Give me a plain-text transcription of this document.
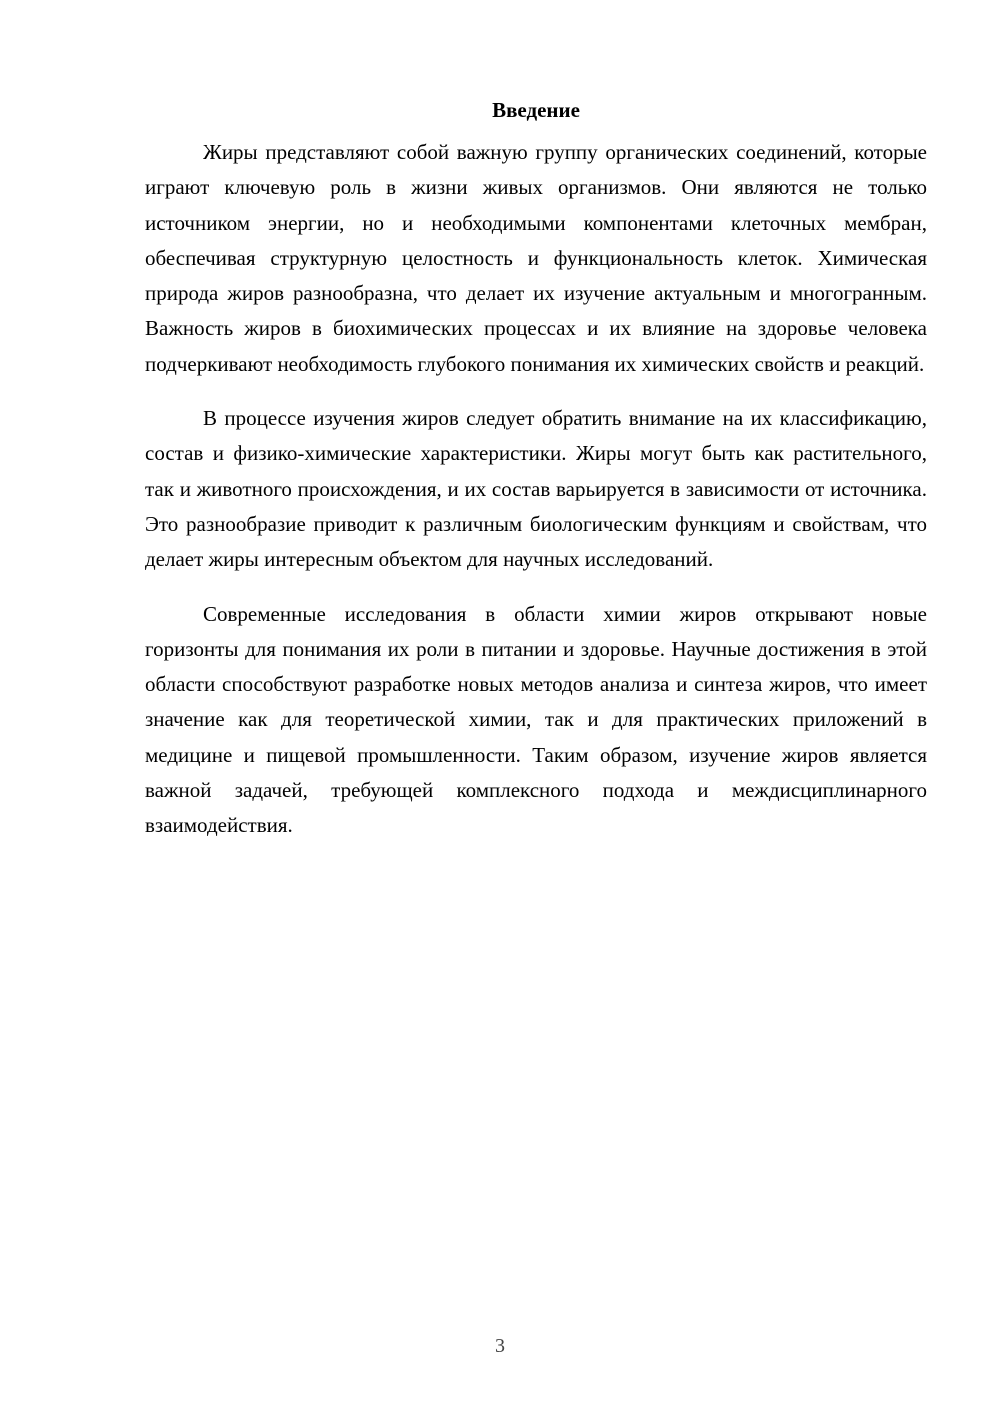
Введение

Жиры представляют собой важную группу органических соединений, которые играют ключевую роль в жизни живых организмов. Они являются не только источником энергии, но и необходимыми компонентами клеточных мембран, обеспечивая структурную целостность и функциональность клеток. Химическая природа жиров разнообразна, что делает их изучение актуальным и многогранным. Важность жиров в биохимических процессах и их влияние на здоровье человека подчеркивают необходимость глубокого понимания их химических свойств и реакций.

В процессе изучения жиров следует обратить внимание на их классификацию, состав и физико-химические характеристики. Жиры могут быть как растительного, так и животного происхождения, и их состав варьируется в зависимости от источника. Это разнообразие приводит к различным биологическим функциям и свойствам, что делает жиры интересным объектом для научных исследований.

Современные исследования в области химии жиров открывают новые горизонты для понимания их роли в питании и здоровье. Научные достижения в этой области способствуют разработке новых методов анализа и синтеза жиров, что имеет значение как для теоретической химии, так и для практических приложений в медицине и пищевой промышленности. Таким образом, изучение жиров является важной задачей, требующей комплексного подхода и междисциплинарного взаимодействия.

3
